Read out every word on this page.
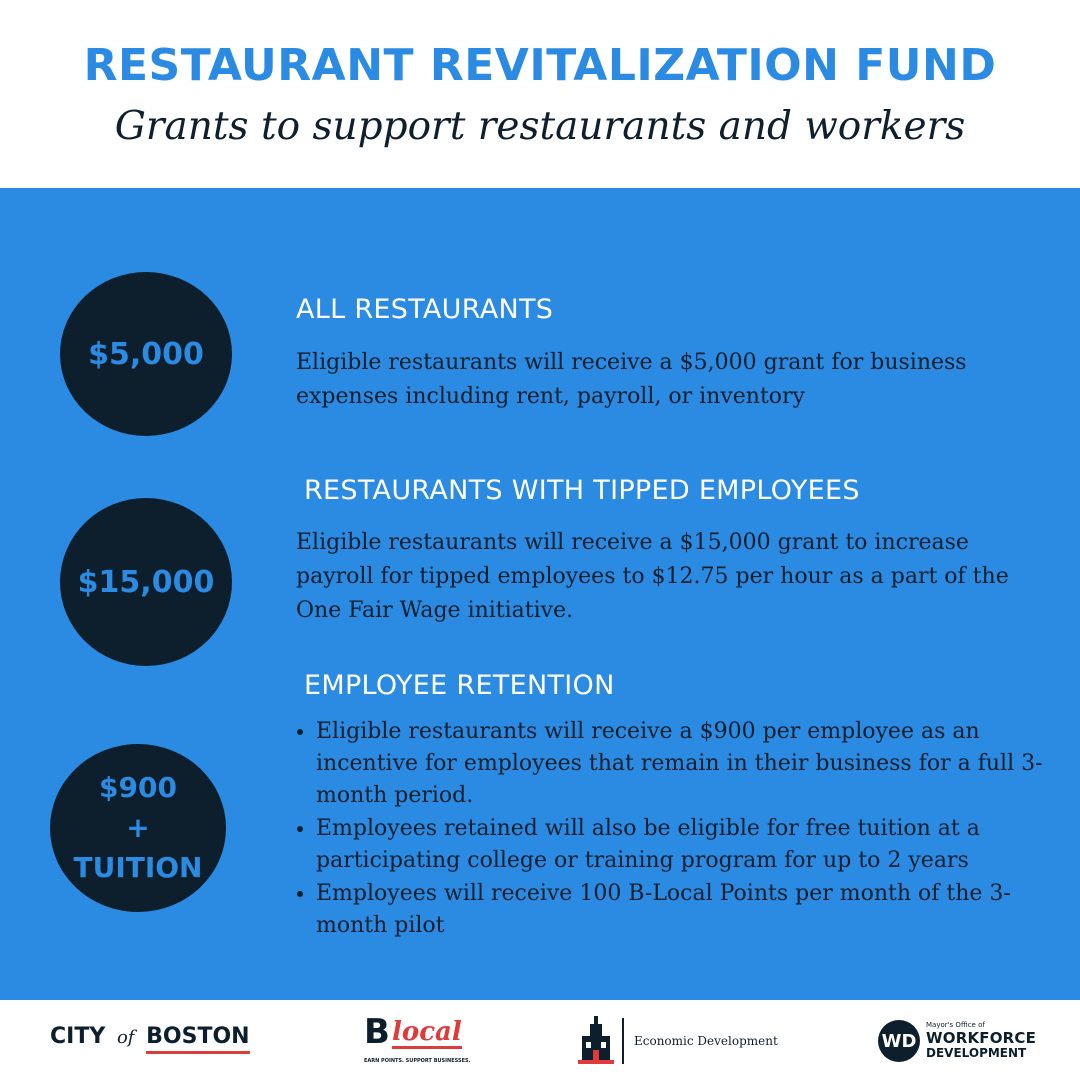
RESTAURANT REVITALIZATION FUND
Grants to support restaurants and workers
$5,000
ALL RESTAURANTS
Eligible restaurants will receive a $5,000 grant for business expenses including rent, payroll, or inventory
$15,000
RESTAURANTS WITH TIPPED EMPLOYEES
Eligible restaurants will receive a $15,000 grant to increase payroll for tipped employees to $12.75 per hour as a part of the One Fair Wage initiative.
$900
+
TUITION
EMPLOYEE RETENTION
• Eligible restaurants will receive a $900 per employee as an incentive for employees that remain in their business for a full 3-month period.
• Employees retained will also be eligible for free tuition at a participating college or training program for up to 2 years
• Employees will receive 100 B-Local Points per month of the 3-month pilot
CITY of BOSTON	B local
EARN POINTS. SUPPORT BUSINESSES.
Economic Development	WD
Mayor's Office of
WORKFORCE
DEVELOPMENT
